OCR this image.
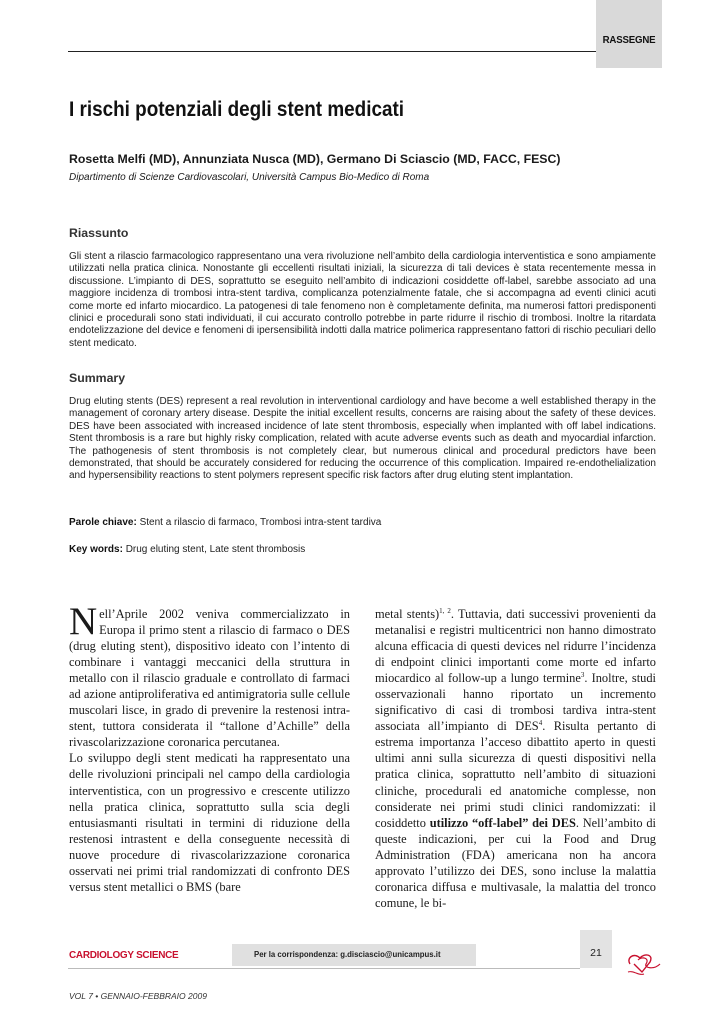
RASSEGNE
I rischi potenziali degli stent medicati
Rosetta Melfi (MD), Annunziata Nusca (MD), Germano Di Sciascio (MD, FACC, FESC)
Dipartimento di Scienze Cardiovascolari, Università Campus Bio-Medico di Roma
Riassunto
Gli stent a rilascio farmacologico rappresentano una vera rivoluzione nell’ambito della cardiologia interventistica e sono ampiamente utilizzati nella pratica clinica. Nonostante gli eccellenti risultati iniziali, la sicurezza di tali devices è stata recentemente messa in discussione. L’impianto di DES, soprattutto se eseguito nell’ambito di indicazioni cosiddette off-label, sarebbe associato ad una maggiore incidenza di trombosi intra-stent tardiva, complicanza potenzialmente fatale, che si accompagna ad eventi clinici acuti come morte ed infarto miocardico. La patogenesi di tale fenomeno non è completamente definita, ma numerosi fattori predisponenti clinici e procedurali sono stati individuati, il cui accurato controllo potrebbe in parte ridurre il rischio di trombosi. Inoltre la ritardata endotelizzazione del device e fenomeni di ipersensibilità indotti dalla matrice polimerica rappresentano fattori di rischio peculiari dello stent medicato.
Summary
Drug eluting stents (DES) represent a real revolution in interventional cardiology and have become a well established therapy in the management of coronary artery disease. Despite the initial excellent results, concerns are raising about the safety of these devices. DES have been associated with increased incidence of late stent thrombosis, especially when implanted with off label indications. Stent thrombosis is a rare but highly risky complication, related with acute adverse events such as death and myocardial infarction. The pathogenesis of stent thrombosis is not completely clear, but numerous clinical and procedural predictors have been demonstrated, that should be accurately considered for reducing the occurrence of this complication. Impaired re-endothelialization and hypersensibility reactions to stent polymers represent specific risk factors after drug eluting stent implantation.
Parole chiave: Stent a rilascio di farmaco, Trombosi intra-stent tardiva
Key words: Drug eluting stent, Late stent thrombosis

Nell’Aprile 2002 veniva commercializzato in Europa il primo stent a rilascio di farmaco o DES (drug eluting stent), dispositivo ideato con l’intento di combinare i vantaggi meccanici della struttura in metallo con il rilascio graduale e controllato di farmaci ad azione antiproliferativa ed antimigratoria sulle cellule muscolari lisce, in grado di prevenire la restenosi intra-stent, tuttora considerata il “tallone d’Achille” della rivascolarizzazione coronarica percutanea.

Lo sviluppo degli stent medicati ha rappresentato una delle rivoluzioni principali nel campo della cardiologia interventistica, con un progressivo e crescente utilizzo nella pratica clinica, soprattutto sulla scia degli entusiasmanti risultati in termini di riduzione della restenosi intrastent e della conseguente necessità di nuove procedure di rivascolarizzazione coronarica osservati nei primi trial randomizzati di confronto DES versus stent metallici o BMS (bare

metal stents)$^{1, 2}$. Tuttavia, dati successivi provenienti da metanalisi e registri multicentrici non hanno dimostrato alcuna efficacia di questi devices nel ridurre l’incidenza di endpoint clinici importanti come morte ed infarto miocardico al follow-up a lungo termine$^3$. Inoltre, studi osservazionali hanno riportato un incremento significativo di casi di trombosi tardiva intra-stent associata all’impianto di DES$^4$. Risulta pertanto di estrema importanza l’acceso dibattito aperto in questi ultimi anni sulla sicurezza di questi dispositivi nella pratica clinica, soprattutto nell’ambito di situazioni cliniche, procedurali ed anatomiche complesse, non considerate nei primi studi clinici randomizzati: il cosiddetto utilizzo “off-label” dei DES. Nell’ambito di queste indicazioni, per cui la Food and Drug Administration (FDA) americana non ha ancora approvato l’utilizzo dei DES, sono incluse la malattia coronarica diffusa e multivasale, la malattia del tronco comune, le bi-

CARDIOLOGY SCIENCE	Per la corrispondenza: g.disciascio@unicampus.it	21
VOL 7 • GENNAIO-FEBBRAIO 2009
